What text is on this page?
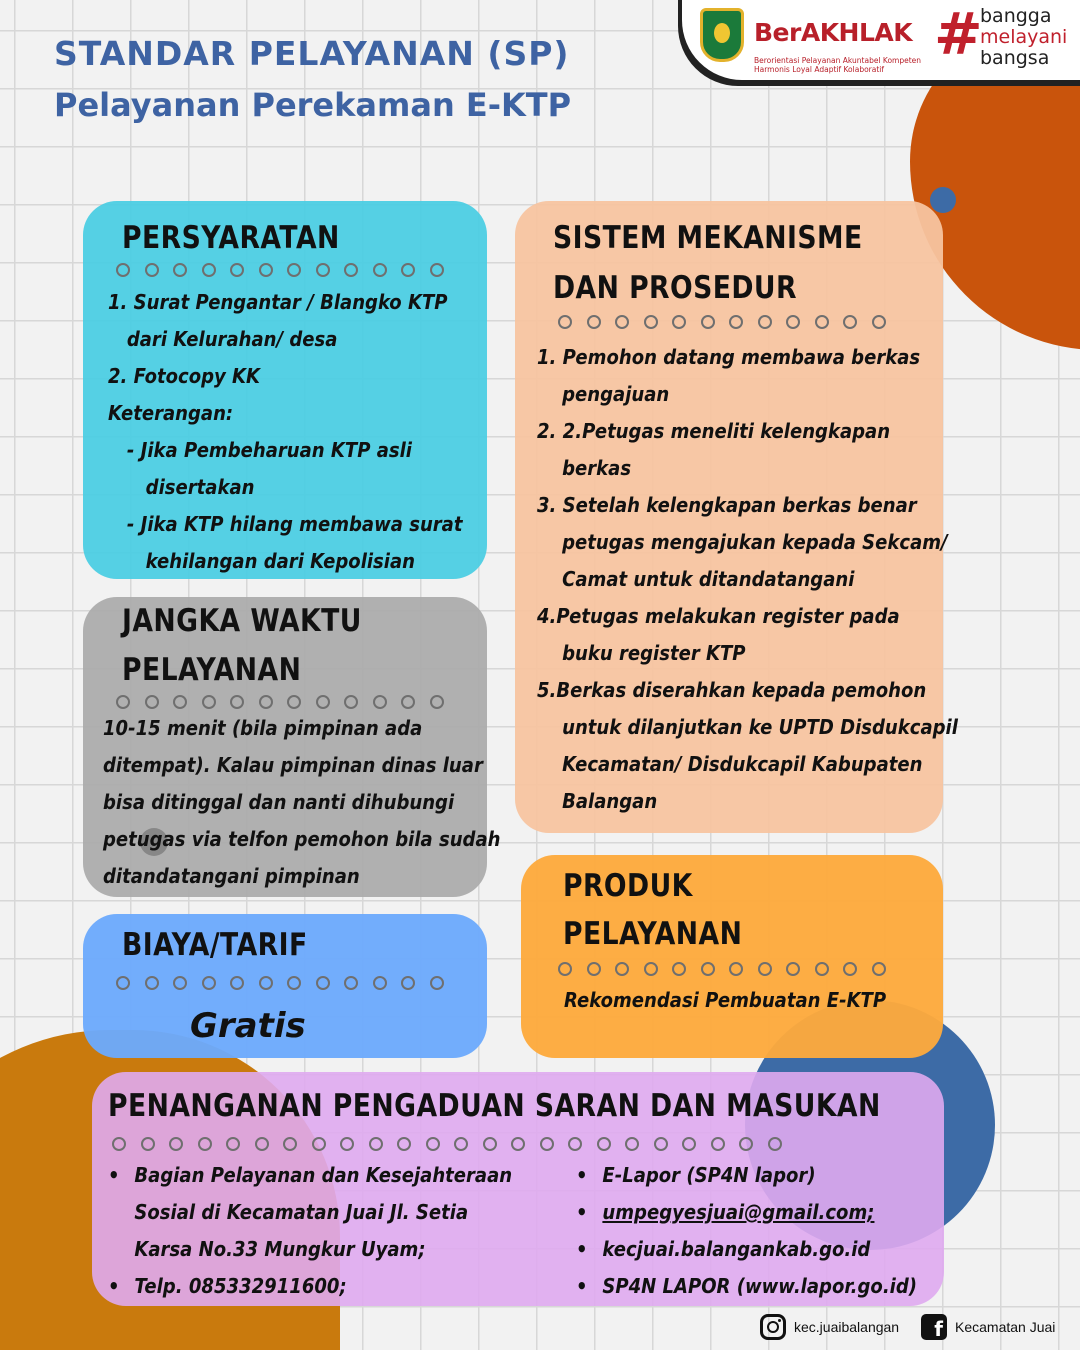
STANDAR PELAYANAN (SP)
Pelayanan Perekaman E-KTP
BerAKHLAK
Berorientasi Pelayanan Akuntabel Kompeten
Harmonis Loyal Adaptif Kolaboratif
#
bangga
melayani
bangsa
PERSYARATAN
1. Surat Pengantar / Blangko KTP
dari Kelurahan/ desa
2. Fotocopy KK
Keterangan:
- Jika Pembeharuan KTP asli
disertakan
- Jika KTP hilang membawa surat
kehilangan dari Kepolisian
SISTEM MEKANISME
DAN PROSEDUR
1. Pemohon datang membawa berkas
pengajuan
2. 2.Petugas meneliti kelengkapan
berkas
3. Setelah kelengkapan berkas benar
petugas mengajukan kepada Sekcam/
Camat untuk ditandatangani
4.Petugas melakukan register pada
buku register KTP
5.Berkas diserahkan kepada pemohon
untuk dilanjutkan ke UPTD Disdukcapil
Kecamatan/ Disdukcapil Kabupaten
Balangan
JANGKA WAKTU
PELAYANAN
10-15 menit (bila pimpinan ada
ditempat). Kalau pimpinan dinas luar
bisa ditinggal dan nanti dihubungi
petugas via telfon pemohon bila sudah
ditandatangani pimpinan
BIAYA/TARIF
Gratis
PRODUK
PELAYANAN
Rekomendasi Pembuatan E-KTP
PENANGANAN PENGADUAN SARAN DAN MASUKAN
• Bagian Pelayanan dan Kesejahteraan
Sosial di Kecamatan Juai Jl. Setia
Karsa No.33 Mungkur Uyam;
• Telp. 085332911600;
• E-Lapor (SP4N lapor)
• umpegyesjuai@gmail.com;
• kecjuai.balangankab.go.id
• SP4N LAPOR (www.lapor.go.id)
kec.juaibalangan	f Kecamatan Juai
